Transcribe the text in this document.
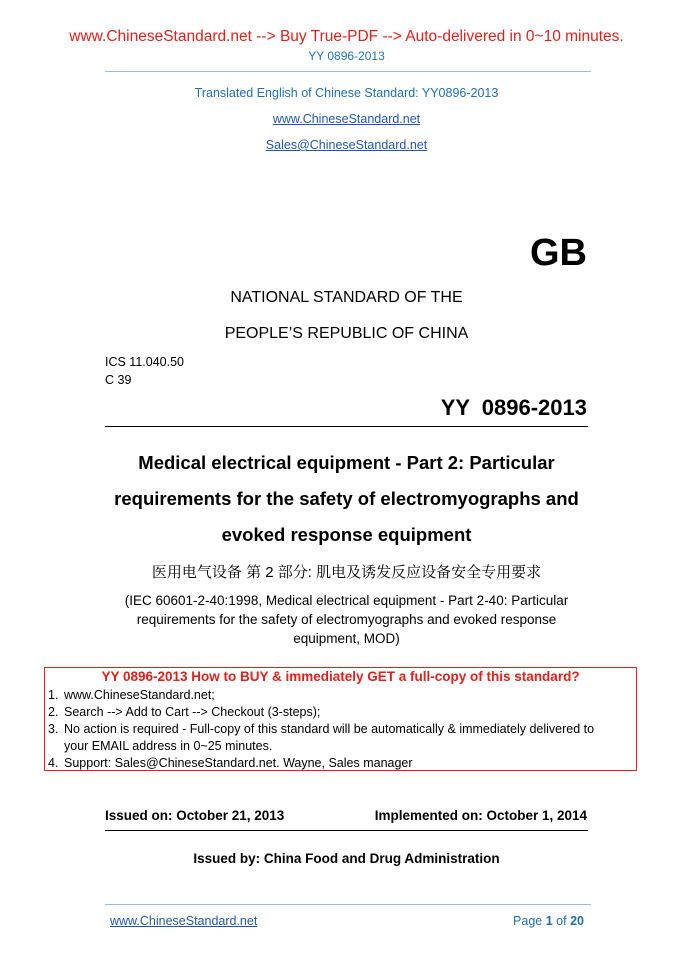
www.ChineseStandard.net --> Buy True-PDF --> Auto-delivered in 0~10 minutes.
YY 0896-2013
Translated English of Chinese Standard: YY0896-2013
www.ChineseStandard.net
Sales@ChineseStandard.net
GB
NATIONAL STANDARD OF THE
PEOPLE’S REPUBLIC OF CHINA
ICS 11.040.50
C 39
YY 0896-2013
Medical electrical equipment - Part 2: Particular
requirements for the safety of electromyographs and
evoked response equipment
医用电气设备 第 2 部分: 肌电及诱发反应设备安全专用要求
(IEC 60601-2-40:1998, Medical electrical equipment - Part 2-40: Particular
requirements for the safety of electromyographs and evoked response
equipment, MOD)
YY 0896-2013 How to BUY & immediately GET a full-copy of this standard?
1. www.ChineseStandard.net;
2. Search --> Add to Cart --> Checkout (3-steps);
3. No action is required - Full-copy of this standard will be automatically & immediately delivered to
your EMAIL address in 0~25 minutes.
4. Support: Sales@ChineseStandard.net. Wayne, Sales manager
Issued on: October 21, 2013	Implemented on: October 1, 2014
Issued by: China Food and Drug Administration
www.ChineseStandard.net	Page 1 of 20
